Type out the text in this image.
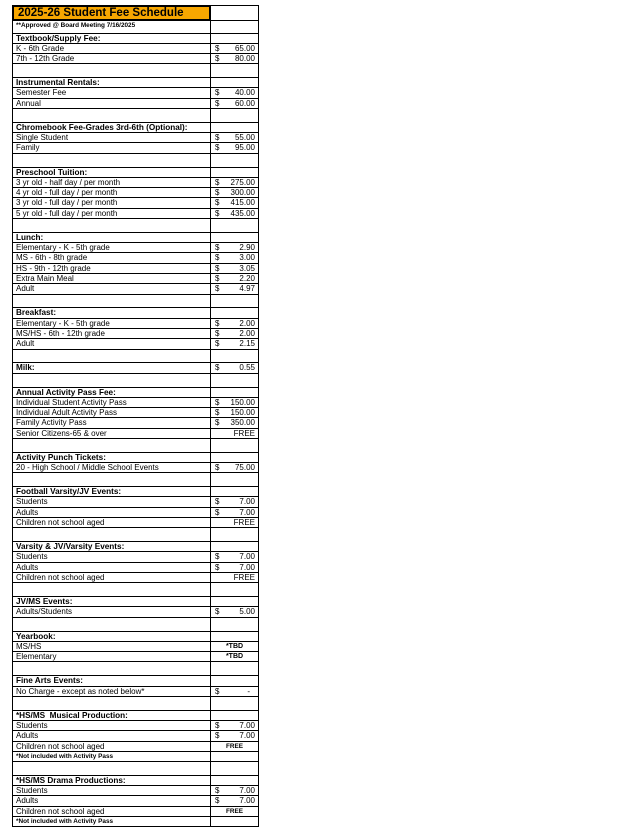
2025-26 Student Fee Schedule
**Approved @ Board Meeting 7/16/2025
Textbook/Supply Fee:
K - 6th Grade	$ 65.00
7th - 12th Grade	$ 80.00
Instrumental Rentals:
Semester Fee	$ 40.00
Annual	$ 60.00
Chromebook Fee-Grades 3rd-6th (Optional):
Single Student	$ 55.00
Family	$ 95.00
Preschool Tuition:
3 yr old - half day / per month	$ 275.00
4 yr old - full day / per month	$ 300.00
3 yr old - full day / per month	$ 415.00
5 yr old - full day / per month	$ 435.00
Lunch:
Elementary - K - 5th grade	$ 2.90
MS - 6th - 8th grade	$ 3.00
HS - 9th - 12th grade	$ 3.05
Extra Main Meal	$ 2.20
Adult	$ 4.97
Breakfast:
Elementary - K - 5th grade	$ 2.00
MS/HS - 6th - 12th grade	$ 2.00
Adult	$ 2.15
Milk:	$ 0.55
Annual Activity Pass Fee:
Individual Student Activity Pass	$ 150.00
Individual Adult Activity Pass	$ 150.00
Family Activity Pass	$ 350.00
Senior Citizens-65 & over	FREE
Activity Punch Tickets:
20 - High School / Middle School Events	$ 75.00
Football Varsity/JV Events:
Students	$ 7.00
Adults	$ 7.00
Children not school aged	FREE
Varsity & JV/Varsity Events:
Students	$ 7.00
Adults	$ 7.00
Children not school aged	FREE
JV/MS Events:
Adults/Students	$ 5.00
Yearbook:
MS/HS	*TBD
Elementary	*TBD
Fine Arts Events:
No Charge - except as noted below*	$	-
*HS/MS  Musical Production:
Students	$ 7.00
Adults	$ 7.00
Children not school aged	FREE
*Not included with Activity Pass
*HS/MS Drama Productions:
Students	$ 7.00
Adults	$ 7.00
Children not school aged	FREE
*Not included with Activity Pass
